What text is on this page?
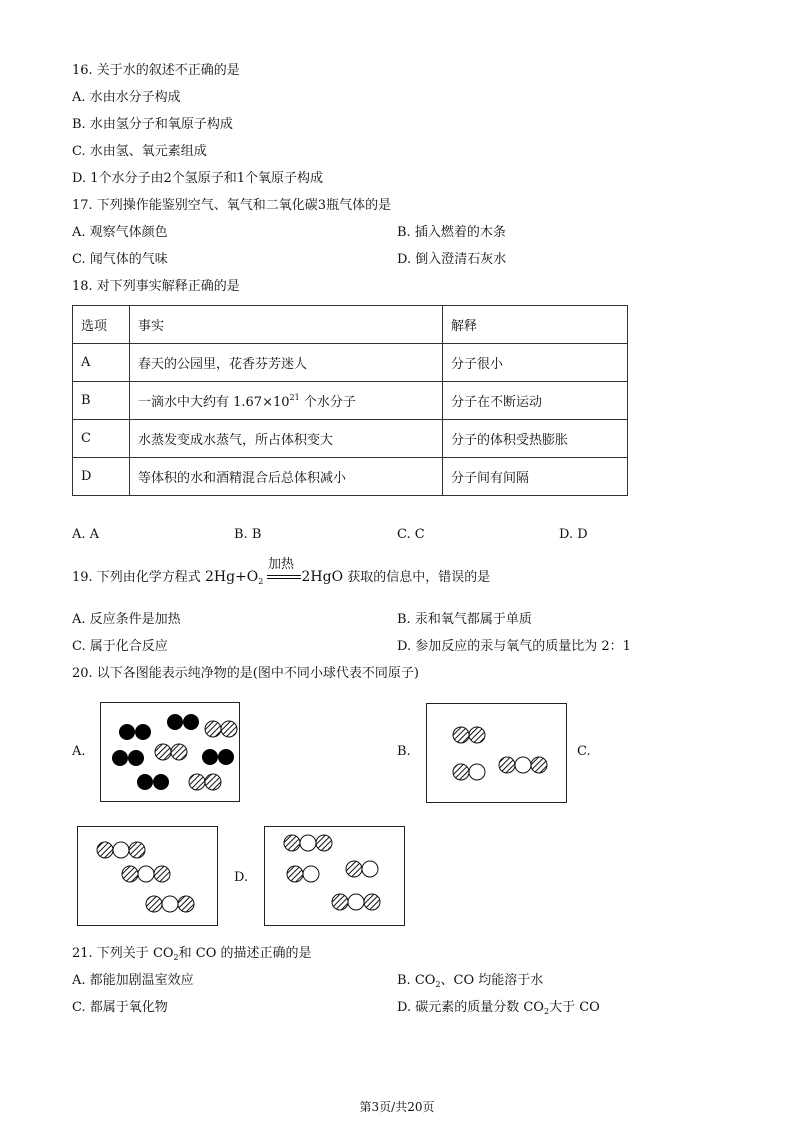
16. 关于水的叙述不正确的是
A. 水由水分子构成
B. 水由氢分子和氧原子构成
C. 水由氢、氧元素组成
D. 1个水分子由2个氢原子和1个氧原子构成
17. 下列操作能鉴别空气、氧气和二氧化碳3瓶气体的是
A. 观察气体颜色	B. 插入燃着的木条
C. 闻气体的气味	D. 倒入澄清石灰水
18. 对下列事实解释正确的是
选项	事实	解释
A	春天的公园里，花香芬芳迷人	分子很小
B	一滴水中大约有 $1.67\times 10^{21}$ 个水分子	分子在不断运动
C	水蒸发变成水蒸气，所占体积变大	分子的体积受热膨胀
D	等体积的水和酒精混合后总体积减小	分子间有间隔
A. A	B. B	C. C	D. D
19. 下列由化学方程式 $2Hg+O_2$	2HgO 获取的信息中，错误的是
加热
A. 反应条件是加热	B. 汞和氧气都属于单质
C. 属于化合反应	D. 参加反应的汞与氧气的质量比为 2：1
20. 以下各图能表示纯净物的是(图中不同小球代表不同原子)
A.	B.	C.
D.
21. 下列关于 $CO_2$和 CO 的描述正确的是
A. 都能加剧温室效应	B. $CO_2$、CO 均能溶于水
C. 都属于氧化物	D. 碳元素的质量分数 $CO_2$大于 CO
第3页/共20页
